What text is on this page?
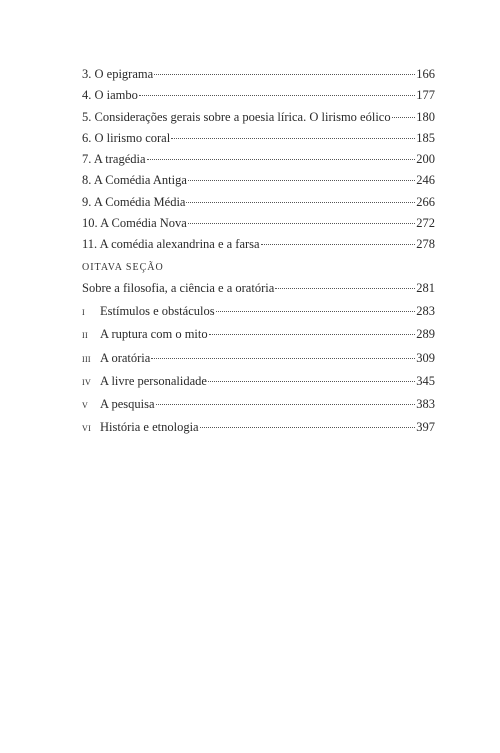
3. O epigrama	166
4. O iambo	177
5. Considerações gerais sobre a poesia lírica. O lirismo eólico 180
6. O lirismo coral	185
7. A tragédia	200
8. A Comédia Antiga	246
9. A Comédia Média	266
10. A Comédia Nova	272
11. A comédia alexandrina e a farsa	278
OITAVA SEÇÃO
Sobre a filosofia, a ciência e a oratória	281
i Estímulos e obstáculos	283
ii A ruptura com o mito	289
iii A oratória	309
iv A livre personalidade	345
v A pesquisa	383
vi História e etnologia	397
